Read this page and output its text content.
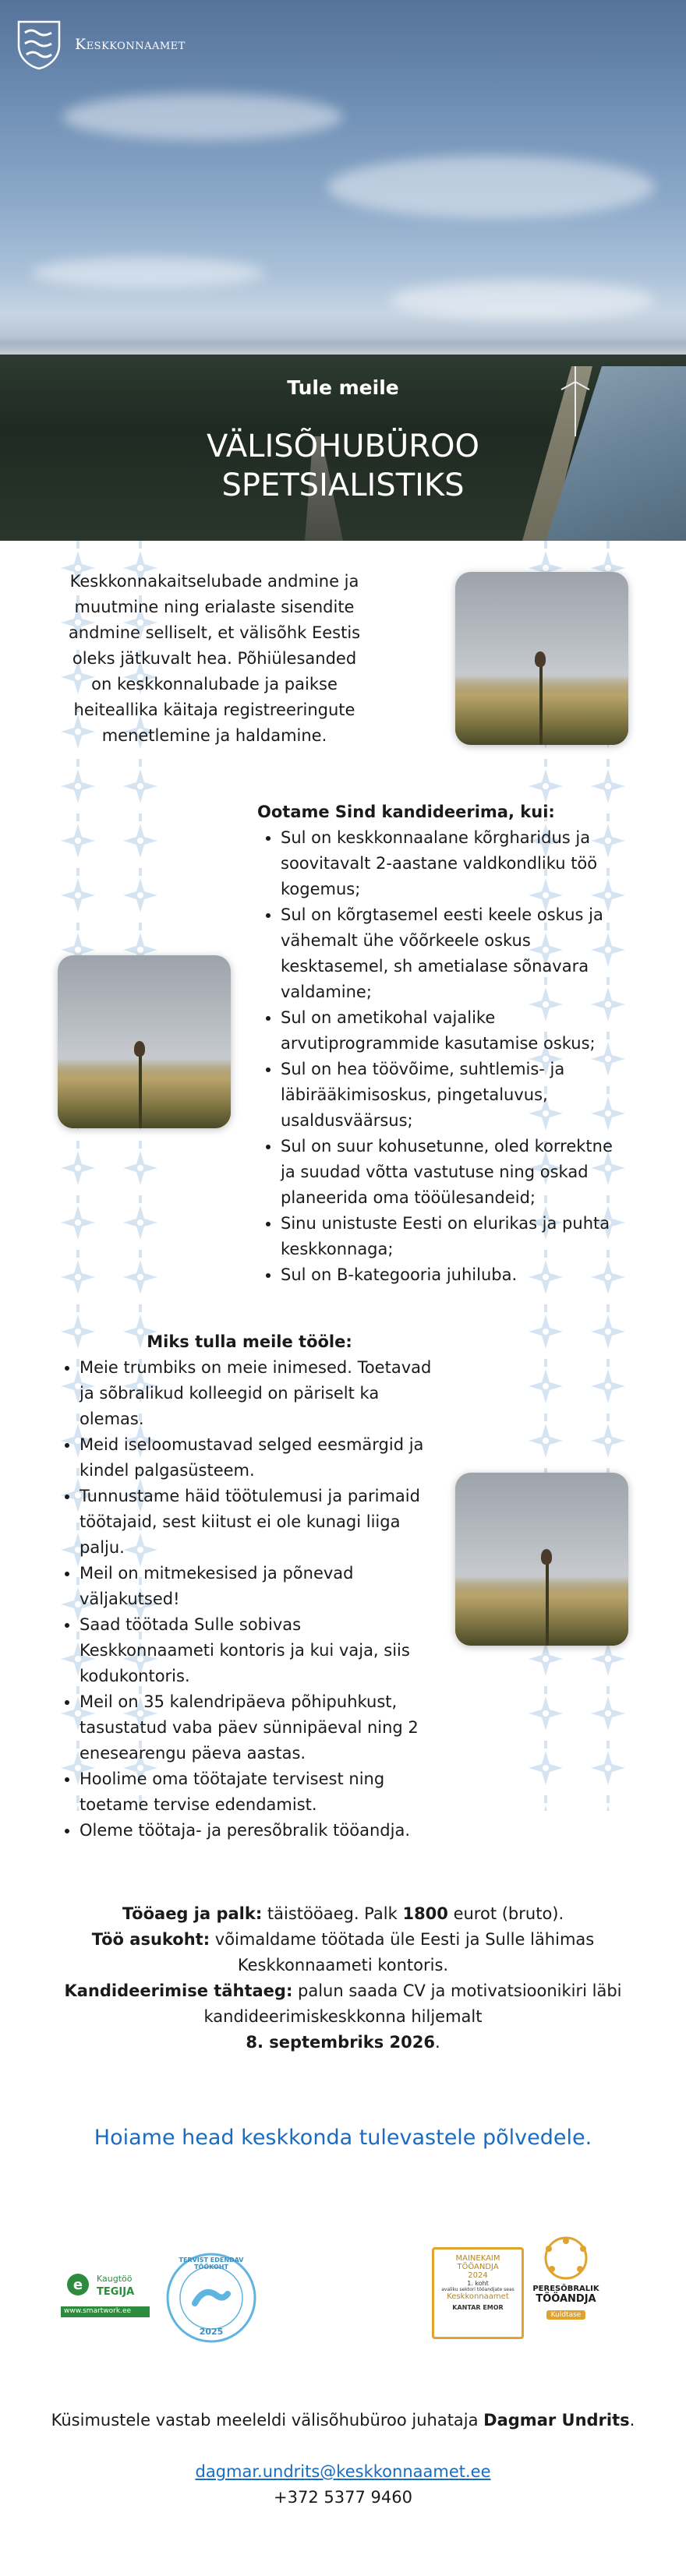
Keskkonnaamet
Tule meile
VÄLISÕHUBÜROO
SPETSIALISTIKS
Keskkonnakaitselubade andmine ja muutmine ning erialaste sisendite andmine selliselt, et välisõhk Eestis oleks jätkuvalt hea. Põhiülesanded on keskkonnalubade ja paikse heiteallika käitaja registreeringute menetlemine ja haldamine.
Ootame Sind kandideerima, kui:
• Sul on keskkonnaalane kõrgharidus ja soovitavalt 2-aastane valdkondliku töö kogemus;
• Sul on kõrgtasemel eesti keele oskus ja vähemalt ühe võõrkeele oskus kesktasemel, sh ametialase sõnavara valdamine;
• Sul on ametikohal vajalike arvutiprogrammide kasutamise oskus;
• Sul on hea töövõime, suhtlemis- ja läbirääkimisoskus, pingetaluvus, usaldusväärsus;
• Sul on suur kohusetunne, oled korrektne ja suudad võtta vastutuse ning oskad planeerida oma tööülesandeid;
• Sinu unistuste Eesti on elurikas ja puhta keskkonnaga;
• Sul on B-kategooria juhiluba.
Miks tulla meile tööle:
• Meie trumbiks on meie inimesed. Toetavad ja sõbralikud kolleegid on päriselt ka olemas.
• Meid iseloomustavad selged eesmärgid ja kindel palgasüsteem.
• Tunnustame häid töötulemusi ja parimaid töötajaid, sest kiitust ei ole kunagi liiga palju.
• Meil on mitmekesised ja põnevad väljakutsed!
• Saad töötada Sulle sobivas Keskkonnaameti kontoris ja kui vaja, siis kodukontoris.
• Meil on 35 kalendripäeva põhipuhkust, tasustatud vaba päev sünnipäeval ning 2 enesearengu päeva aastas.
• Hoolime oma töötajate tervisest ning toetame tervise edendamist.
• Oleme töötaja- ja peresõbralik tööandja.
Tööaeg ja palk: täistööaeg. Palk 1800 eurot (bruto).
Töö asukoht: võimaldame töötada üle Eesti ja Sulle lähimas Keskkonnaameti kontoris.
Kandideerimise tähtaeg: palun saada CV ja motivatsioonikiri läbi kandideerimiskeskkonna hiljemalt
8. septembriks 2026.
Hoiame head keskkonda tulevastele põlvedele.
e Kaugtöö
TEGIJA
www.smartwork.ee
TERVIST EDENDAV TÖÖKOHT
2025
MAINEKAIM
TÖÖANDJA
2024
1. koht
avaliku sektori tööandjate seas
Keskkonnaamet
KANTAR EMOR
PERESÕBRALIK
TÖÖANDJA
Kuldtase
Küsimustele vastab meeleldi välisõhubüroo juhataja Dagmar Undrits.
dagmar.undrits@keskkonnaamet.ee
+372 5377 9460
